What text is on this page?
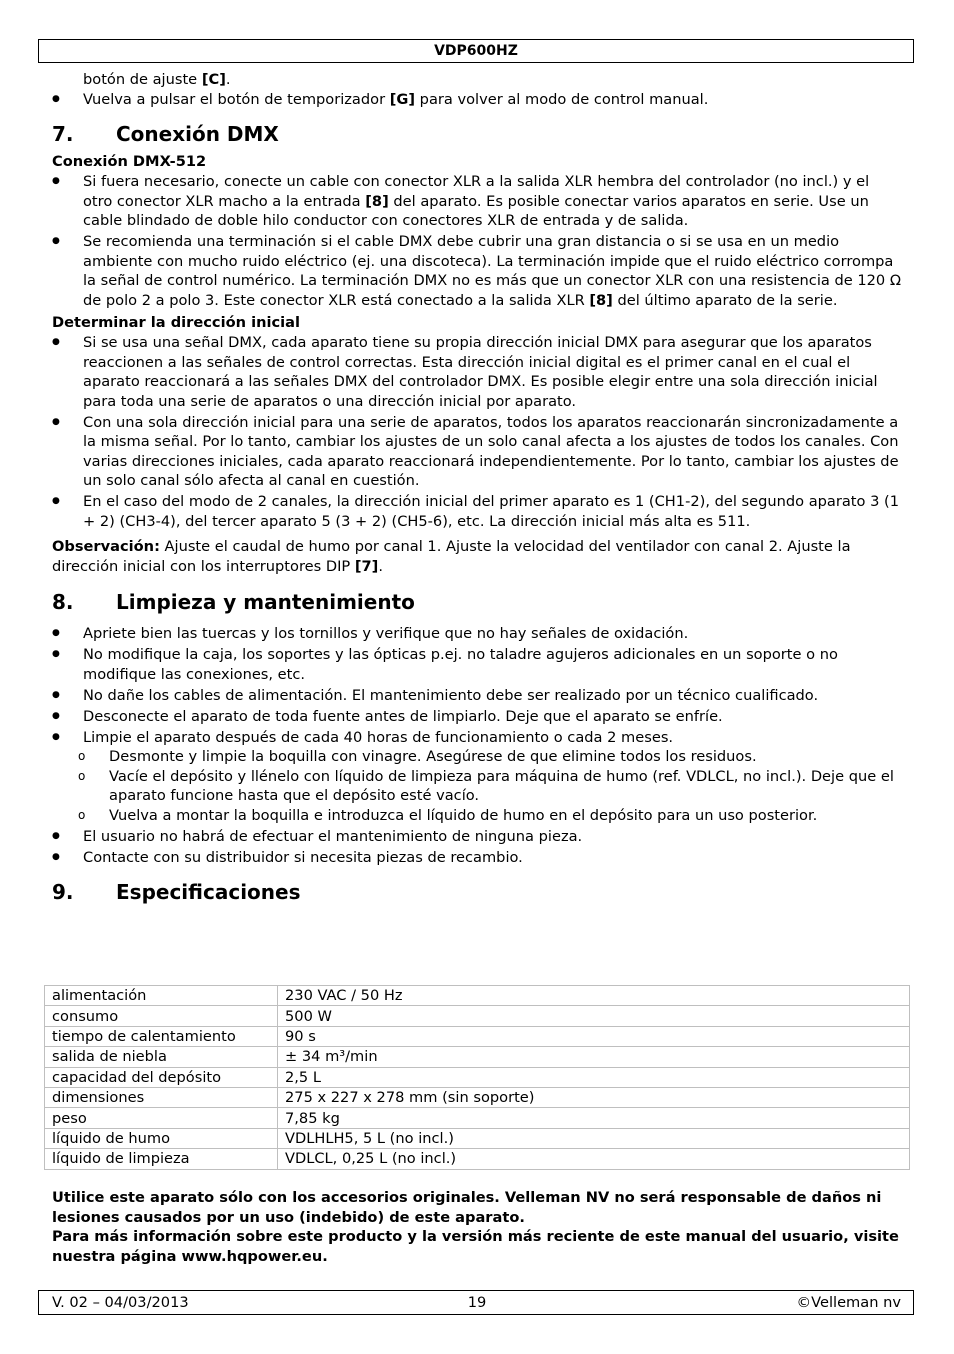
VDP600HZ

botón de ajuste [C].

● Vuelva a pulsar el botón de temporizador [G] para volver al modo de control manual.
7. Conexión DMX
Conexión DMX-512
● Si fuera necesario, conecte un cable con conector XLR a la salida XLR hembra del controlador (no incl.) y el otro conector XLR macho a la entrada [8] del aparato. Es posible conectar varios aparatos en serie. Use un cable blindado de doble hilo conductor con conectores XLR de entrada y de salida.
● Se recomienda una terminación si el cable DMX debe cubrir una gran distancia o si se usa en un medio ambiente con mucho ruido eléctrico (ej. una discoteca). La terminación impide que el ruido eléctrico corrompa la señal de control numérico. La terminación DMX no es más que un conector XLR con una resistencia de 120 Ω de polo 2 a polo 3. Este conector XLR está conectado a la salida XLR [8] del último aparato de la serie.
Determinar la dirección inicial
● Si se usa una señal DMX, cada aparato tiene su propia dirección inicial DMX para asegurar que los aparatos reaccionen a las señales de control correctas. Esta dirección inicial digital es el primer canal en el cual el aparato reaccionará a las señales DMX del controlador DMX. Es posible elegir entre una sola dirección inicial para toda una serie de aparatos o una dirección inicial por aparato.
● Con una sola dirección inicial para una serie de aparatos, todos los aparatos reaccionarán sincronizadamente a la misma señal. Por lo tanto, cambiar los ajustes de un solo canal afecta a los ajustes de todos los canales. Con varias direcciones iniciales, cada aparato reaccionará independientemente. Por lo tanto, cambiar los ajustes de un solo canal sólo afecta al canal en cuestión.
● En el caso del modo de 2 canales, la dirección inicial del primer aparato es 1 (CH1-2), del segundo aparato 3 (1 + 2) (CH3-4), del tercer aparato 5 (3 + 2) (CH5-6), etc. La dirección inicial más alta es 511.

Observación: Ajuste el caudal de humo por canal 1. Ajuste la velocidad del ventilador con canal 2. Ajuste la dirección inicial con los interruptores DIP [7].

8. Limpieza y mantenimiento
● Apriete bien las tuercas y los tornillos y verifique que no hay señales de oxidación.
● No modifique la caja, los soportes y las ópticas p.ej. no taladre agujeros adicionales en un soporte o no modifique las conexiones, etc.
● No dañe los cables de alimentación. El mantenimiento debe ser realizado por un técnico cualificado.
● Desconecte el aparato de toda fuente antes de limpiarlo. Deje que el aparato se enfríe.
● Limpie el aparato después de cada 40 horas de funcionamiento o cada 2 meses.
o Desmonte y limpie la boquilla con vinagre. Asegúrese de que elimine todos los residuos.
o Vacíe el depósito y llénelo con líquido de limpieza para máquina de humo (ref. VDLCL, no incl.). Deje que el aparato funcione hasta que el depósito esté vacío.
o Vuelva a montar la boquilla e introduzca el líquido de humo en el depósito para un uso posterior.
● El usuario no habrá de efectuar el mantenimiento de ninguna pieza.
● Contacte con su distribuidor si necesita piezas de recambio.
9. Especificaciones
alimentación	230 VAC / 50 Hz
consumo	500 W
tiempo de calentamiento	90 s
salida de niebla	± 34 m³/min
capacidad del depósito	2,5 L
dimensiones	275 x 227 x 278 mm (sin soporte)
peso	7,85 kg
líquido de humo	VDLHLH5, 5 L (no incl.)
líquido de limpieza	VDLCL, 0,25 L (no incl.)

Utilice este aparato sólo con los accesorios originales. Velleman NV no será responsable de daños ni lesiones causados por un uso (indebido) de este aparato.

Para más información sobre este producto y la versión más reciente de este manual del usuario, visite nuestra página www.hqpower.eu.

19
V. 02 – 04/03/2013	©Velleman nv
